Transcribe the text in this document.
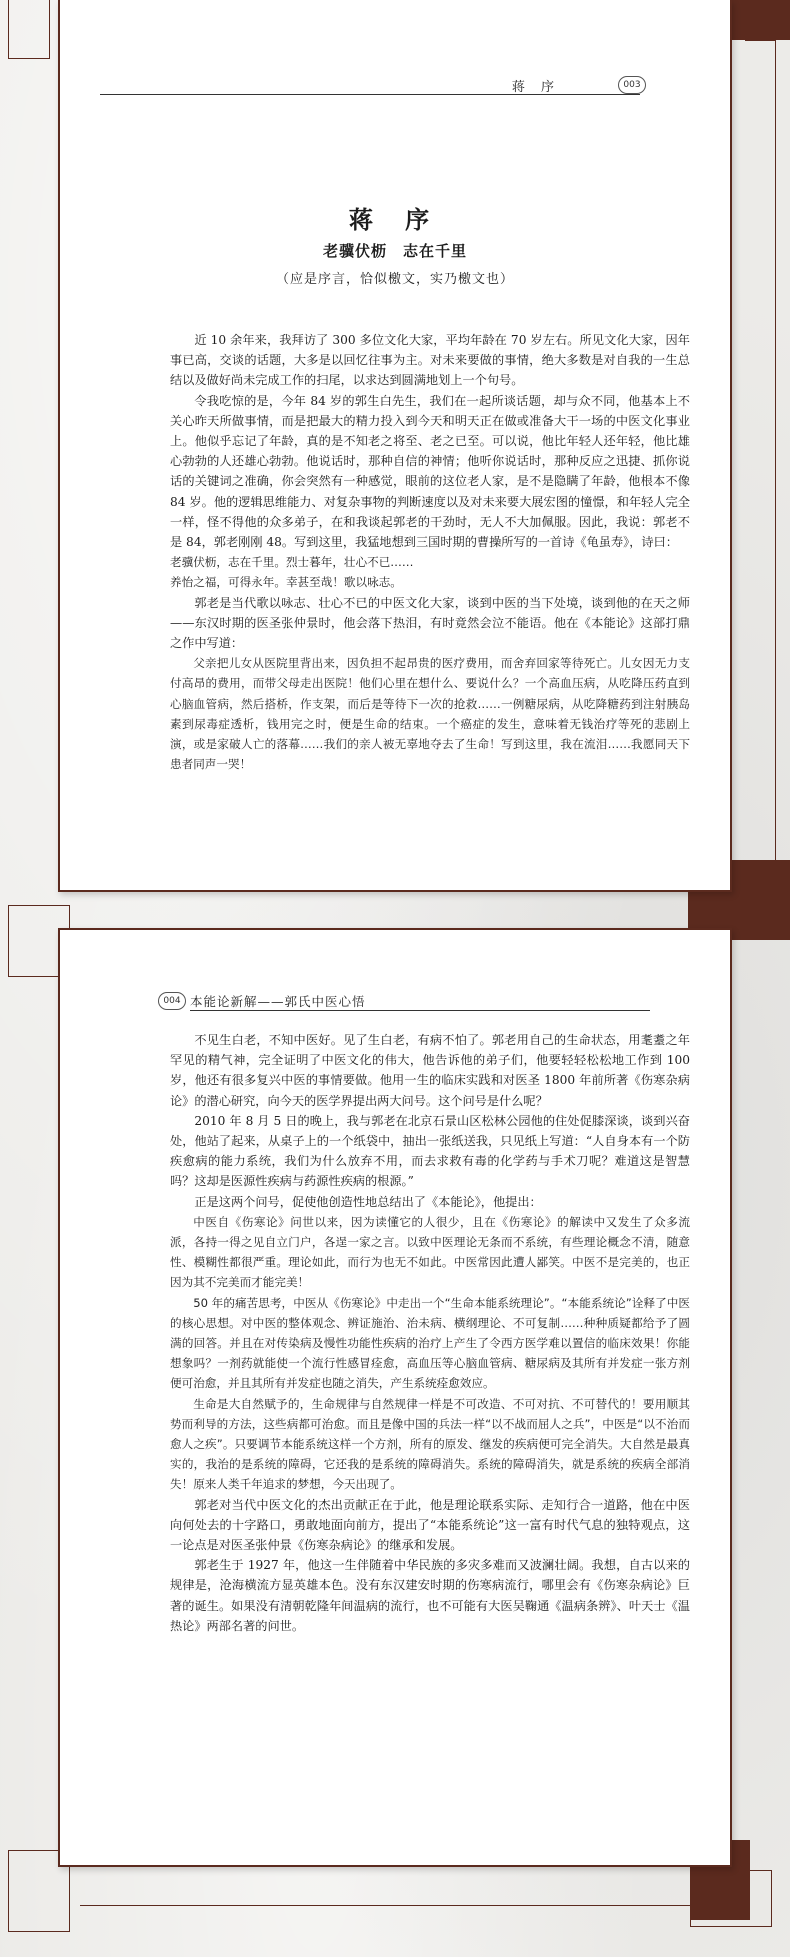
蒋 序	003
蒋 序
老骥伏枥　志在千里
（应是序言，恰似檄文，实乃檄文也）

近 10 余年来，我拜访了 300 多位文化大家，平均年龄在 70 岁左右。所见文化大家，因年事已高，交谈的话题，大多是以回忆往事为主。对未来要做的事情，绝大多数是对自我的一生总结以及做好尚未完成工作的扫尾，以求达到圆满地划上一个句号。

令我吃惊的是，今年 84 岁的郭生白先生，我们在一起所谈话题，却与众不同，他基本上不关心昨天所做事情，而是把最大的精力投入到今天和明天正在做或准备大干一场的中医文化事业上。他似乎忘记了年龄，真的是不知老之将至、老之已至。可以说，他比年轻人还年轻，他比雄心勃勃的人还雄心勃勃。他说话时，那种自信的神情；他听你说话时，那种反应之迅捷、抓你说话的关键词之准确，你会突然有一种感觉，眼前的这位老人家，是不是隐瞒了年龄，他根本不像 84 岁。他的逻辑思维能力、对复杂事物的判断速度以及对未来要大展宏图的憧憬，和年轻人完全一样，怪不得他的众多弟子，在和我谈起郭老的干劲时，无人不大加佩服。因此，我说：郭老不是 84，郭老刚刚 48。写到这里，我猛地想到三国时期的曹操所写的一首诗《龟虽寿》，诗曰：

老骥伏枥，志在千里。烈士暮年，壮心不已……

养怡之福，可得永年。幸甚至哉！歌以咏志。

郭老是当代歌以咏志、壮心不已的中医文化大家，谈到中医的当下处境，谈到他的在天之师——东汉时期的医圣张仲景时，他会落下热泪，有时竟然会泣不能语。他在《本能论》这部打鼎之作中写道：

父亲把儿女从医院里背出来，因负担不起昂贵的医疗费用，而舍弃回家等待死亡。儿女因无力支付高昂的费用，而带父母走出医院！他们心里在想什么、要说什么？一个高血压病，从吃降压药直到心脑血管病，然后搭桥，作支架，而后是等待下一次的抢救……一例糖尿病，从吃降糖药到注射胰岛素到尿毒症透析，钱用完之时，便是生命的结束。一个癌症的发生，意味着无钱治疗等死的悲剧上演，或是家破人亡的落幕……我们的亲人被无辜地夺去了生命！写到这里，我在流泪……我愿同天下患者同声一哭！

004 本能论新解——郭氏中医心悟

不见生白老，不知中医好。见了生白老，有病不怕了。郭老用自己的生命状态，用耄耋之年罕见的精气神，完全证明了中医文化的伟大，他告诉他的弟子们，他要轻轻松松地工作到 100 岁，他还有很多复兴中医的事情要做。他用一生的临床实践和对医圣 1800 年前所著《伤寒杂病论》的潜心研究，向今天的医学界提出两大问号。这个问号是什么呢？

2010 年 8 月 5 日的晚上，我与郭老在北京石景山区松林公园他的住处促膝深谈，谈到兴奋处，他站了起来，从桌子上的一个纸袋中，抽出一张纸送我，只见纸上写道：“人自身本有一个防疾愈病的能力系统，我们为什么放弃不用，而去求救有毒的化学药与手术刀呢？难道这是智慧吗？这却是医源性疾病与药源性疾病的根源。”

正是这两个问号，促使他创造性地总结出了《本能论》，他提出：

中医自《伤寒论》问世以来，因为读懂它的人很少，且在《伤寒论》的解读中又发生了众多流派，各持一得之见自立门户，各逞一家之言。以致中医理论无条而不系统，有些理论概念不清，随意性、模糊性都很严重。理论如此，而行为也无不如此。中医常因此遭人鄙笑。中医不是完美的，也正因为其不完美而才能完美！

50 年的痛苦思考，中医从《伤寒论》中走出一个“生命本能系统理论”。“本能系统论”诠释了中医的核心思想。对中医的整体观念、辨证施治、治未病、横纲理论、不可复制……种种质疑都给予了圆满的回答。并且在对传染病及慢性功能性疾病的治疗上产生了令西方医学难以置信的临床效果！你能想象吗？一剂药就能使一个流行性感冒痊愈，高血压等心脑血管病、糖尿病及其所有并发症一张方剂便可治愈，并且其所有并发症也随之消失，产生系统痊愈效应。

生命是大自然赋予的，生命规律与自然规律一样是不可改造、不可对抗、不可替代的！要用顺其势而利导的方法，这些病都可治愈。而且是像中国的兵法一样“以不战而屈人之兵”，中医是“以不治而愈人之疾”。只要调节本能系统这样一个方剂，所有的原发、继发的疾病便可完全消失。大自然是最真实的，我治的是系统的障碍，它还我的是系统的障碍消失。系统的障碍消失，就是系统的疾病全部消失！原来人类千年追求的梦想，今天出现了。

郭老对当代中医文化的杰出贡献正在于此，他是理论联系实际、走知行合一道路，他在中医向何处去的十字路口，勇敢地面向前方，提出了“本能系统论”这一富有时代气息的独特观点，这一论点是对医圣张仲景《伤寒杂病论》的继承和发展。

郭老生于 1927 年，他这一生伴随着中华民族的多灾多难而又波澜壮阔。我想，自古以来的规律是，沧海横流方显英雄本色。没有东汉建安时期的伤寒病流行，哪里会有《伤寒杂病论》巨著的诞生。如果没有清朝乾隆年间温病的流行，也不可能有大医吴鞠通《温病条辨》、叶天士《温热论》两部名著的问世。
